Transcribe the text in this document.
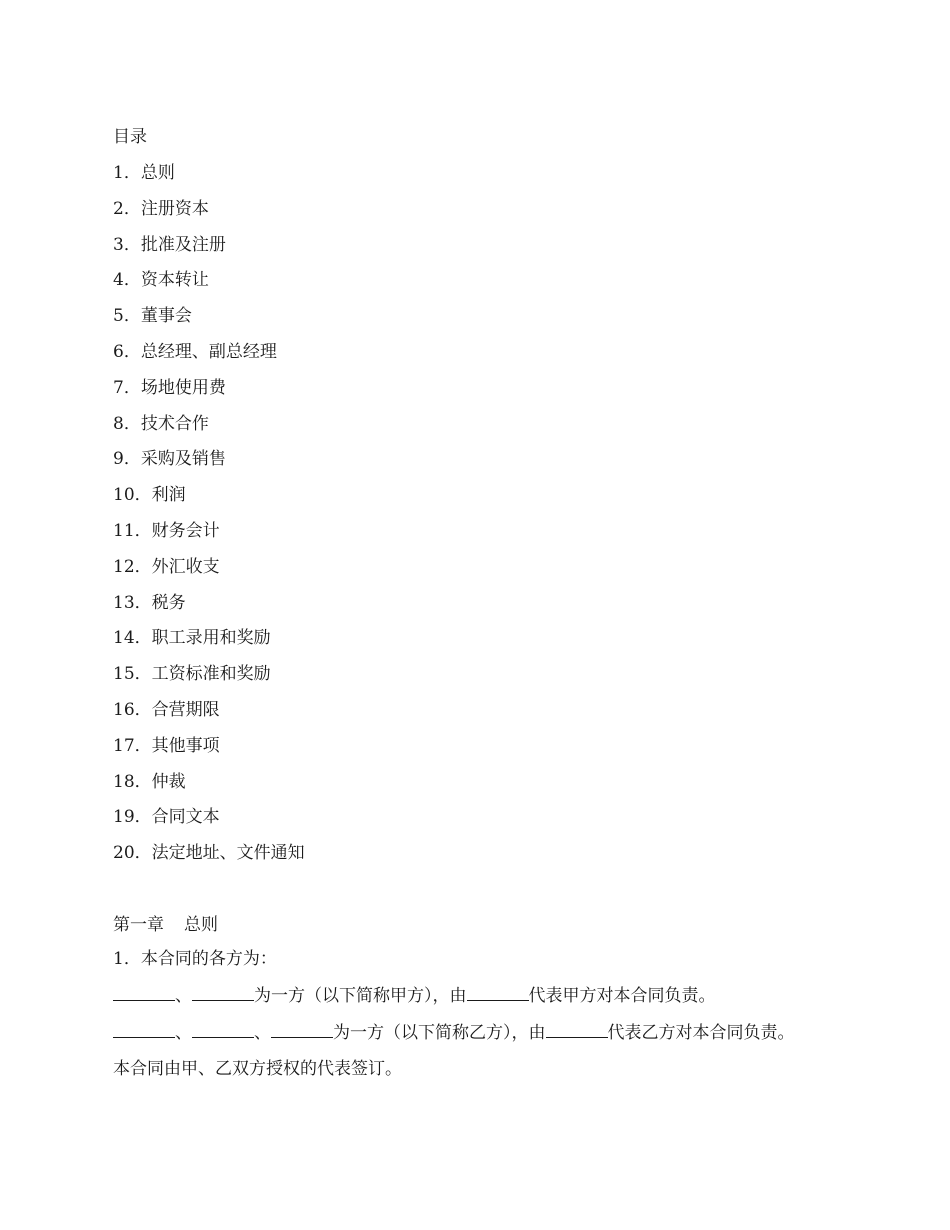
目录
1．总则
2．注册资本
3．批准及注册
4．资本转让
5．董事会
6．总经理、副总经理
7．场地使用费
8．技术合作
9．采购及销售
10．利润
11．财务会计
12．外汇收支
13．税务
14．职工录用和奖励
15．工资标准和奖励
16．合营期限
17．其他事项
18．仲裁
19．合同文本
20．法定地址、文件通知
第一章 总则

1．本合同的各方为：

、	为一方（以下简称甲方），由	代表甲方对本合同负责。

、	、	为一方（以下简称乙方），由	代表乙方对本合同负责。

本合同由甲、乙双方授权的代表签订。
